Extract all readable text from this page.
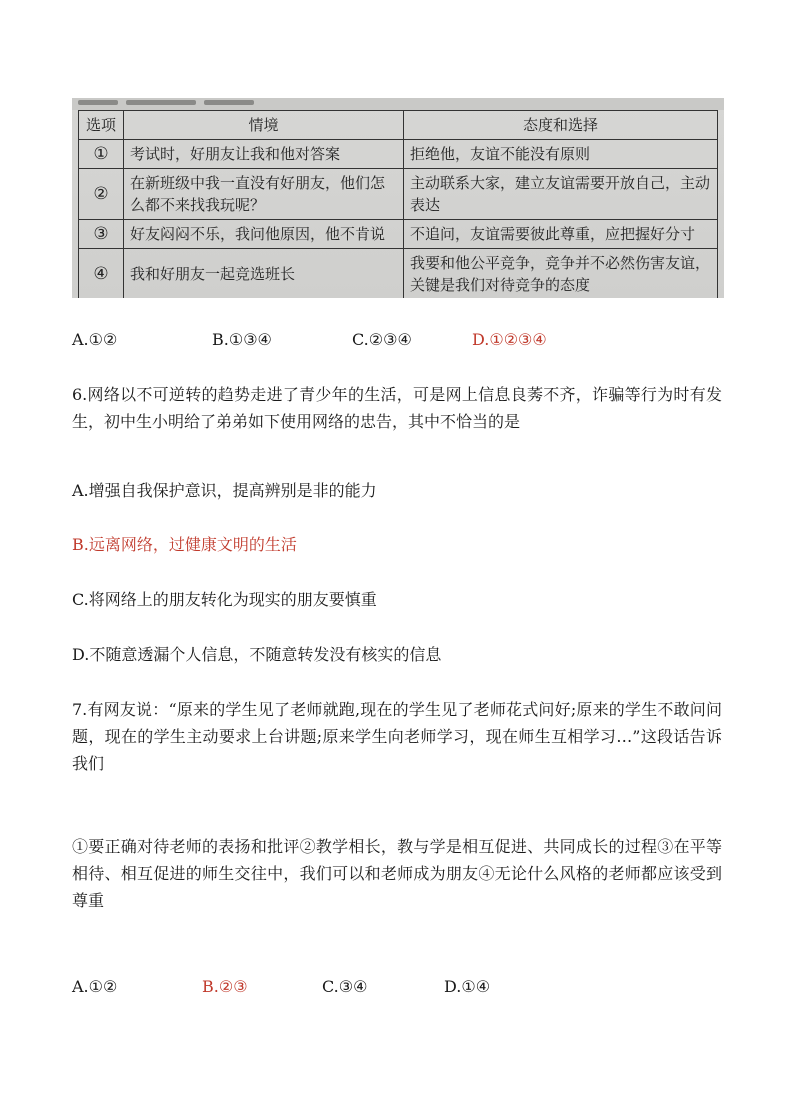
选项	情境	态度和选择
①	考试时，好朋友让我和他对答案	拒绝他，友谊不能没有原则
②	在新班级中我一直没有好朋友，他们怎么都不来找我玩呢？	主动联系大家，建立友谊需要开放自己，主动表达
③	好友闷闷不乐，我问他原因，他不肯说	不追问，友谊需要彼此尊重，应把握好分寸
④	我和好朋友一起竞选班长	我要和他公平竞争，竞争并不必然伤害友谊，关键是我们对待竞争的态度
A.①②	B.①③④	C.②③④	D.①②③④
6.网络以不可逆转的趋势走进了青少年的生活，可是网上信息良莠不齐，诈骗等行为时有发生，初中生小明给了弟弟如下使用网络的忠告，其中不恰当的是
A.增强自我保护意识，提高辨别是非的能力
B.远离网络，过健康文明的生活
C.将网络上的朋友转化为现实的朋友要慎重
D.不随意透漏个人信息，不随意转发没有核实的信息
7.有网友说：“原来的学生见了老师就跑,现在的学生见了老师花式问好;原来的学生不敢问问题，现在的学生主动要求上台讲题;原来学生向老师学习，现在师生互相学习…”这段话告诉我们
①要正确对待老师的表扬和批评②教学相长，教与学是相互促进、共同成长的过程③在平等相待、相互促进的师生交往中，我们可以和老师成为朋友④无论什么风格的老师都应该受到尊重
A.①②	B.②③	C.③④	D.①④
